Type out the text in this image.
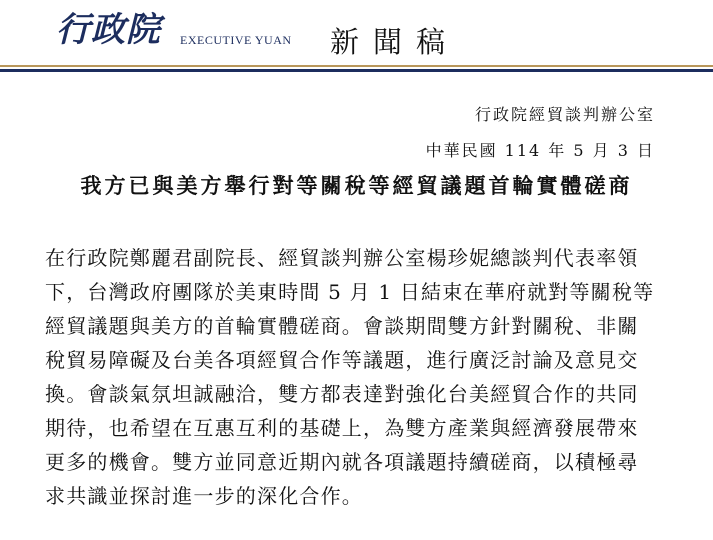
行政院 EXECUTIVE YUAN 新聞稿
行政院經貿談判辦公室
中華民國 114 年 5 月 3 日
我方已與美方舉行對等關稅等經貿議題首輪實體磋商
在行政院鄭麗君副院長、經貿談判辦公室楊珍妮總談判代表率領
下，台灣政府團隊於美東時間 5 月 1 日結束在華府就對等關稅等
經貿議題與美方的首輪實體磋商。會談期間雙方針對關稅、非關
稅貿易障礙及台美各項經貿合作等議題，進行廣泛討論及意見交
換。會談氣氛坦誠融洽，雙方都表達對強化台美經貿合作的共同
期待，也希望在互惠互利的基礎上，為雙方產業與經濟發展帶來
更多的機會。雙方並同意近期內就各項議題持續磋商，以積極尋
求共識並探討進一步的深化合作。
